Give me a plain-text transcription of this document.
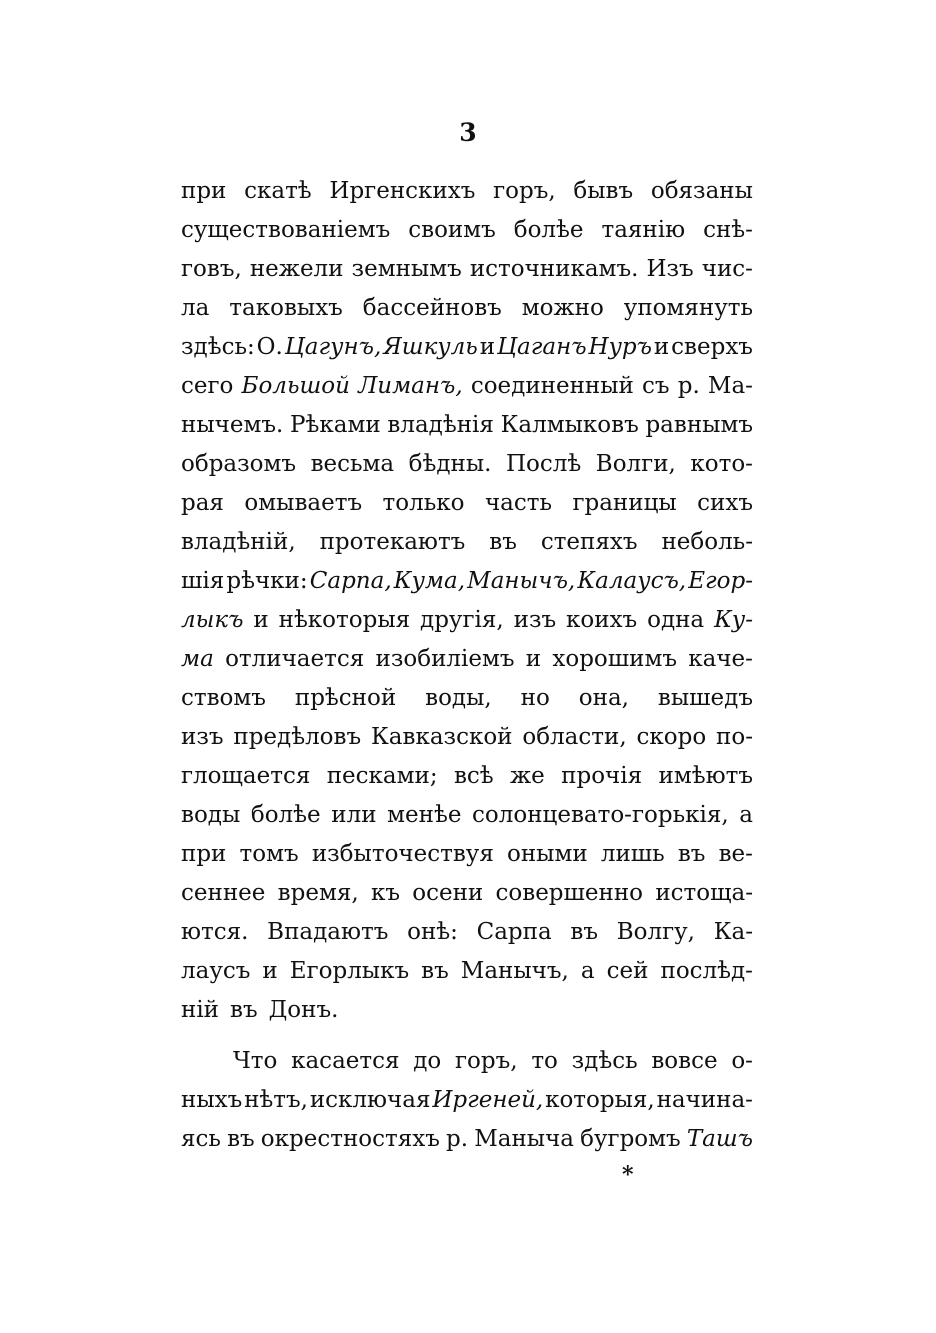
3
при скатѣ Иргенскихъ горъ, бывъ обязаны
существованiемъ своимъ болѣе таянiю снѣ-
говъ, нежели земнымъ источникамъ. Изъ чис-
ла таковыхъ бассейновъ можно упомянуть
здѣсь: О. Цагунъ, Яшкуль и Цаганъ Нуръ и сверхъ
сего Большой Лиманъ, соединенный съ р. Ма-
нычемъ. Рѣками владѣнiя Калмыковъ равнымъ
образомъ весьма бѣдны. Послѣ Волги, кото-
рая омываетъ только часть границы сихъ
владѣнiй, протекаютъ въ степяхъ неболь-
шiя рѣчки: Сарпа, Кума, Манычъ, Калаусъ, Егор-
лыкъ и нѣкоторыя другiя, изъ коихъ одна Ку-
ма отличается изобилiемъ и хорошимъ каче-
ствомъ прѣсной воды, но она, вышедъ
изъ предѣловъ Кавказской области, скоро по-
глощается песками; всѣ же прочiя имѣютъ
воды болѣе или менѣе солонцевато-горькiя, а
при томъ избыточествуя оными лишь въ ве-
сеннее время, къ осени совершенно истоща-
ются. Впадаютъ онѣ: Сарпа въ Волгу, Ка-
лаусъ и Егорлыкъ въ Манычъ, а сей послѣд-
нiй въ Донъ.
Что касается до горъ, то здѣсь вовсе о-
ныхъ нѣтъ, исключая Иргеней, которыя, начина-
ясь въ окрестностяхъ р. Маныча бугромъ Ташъ
*
